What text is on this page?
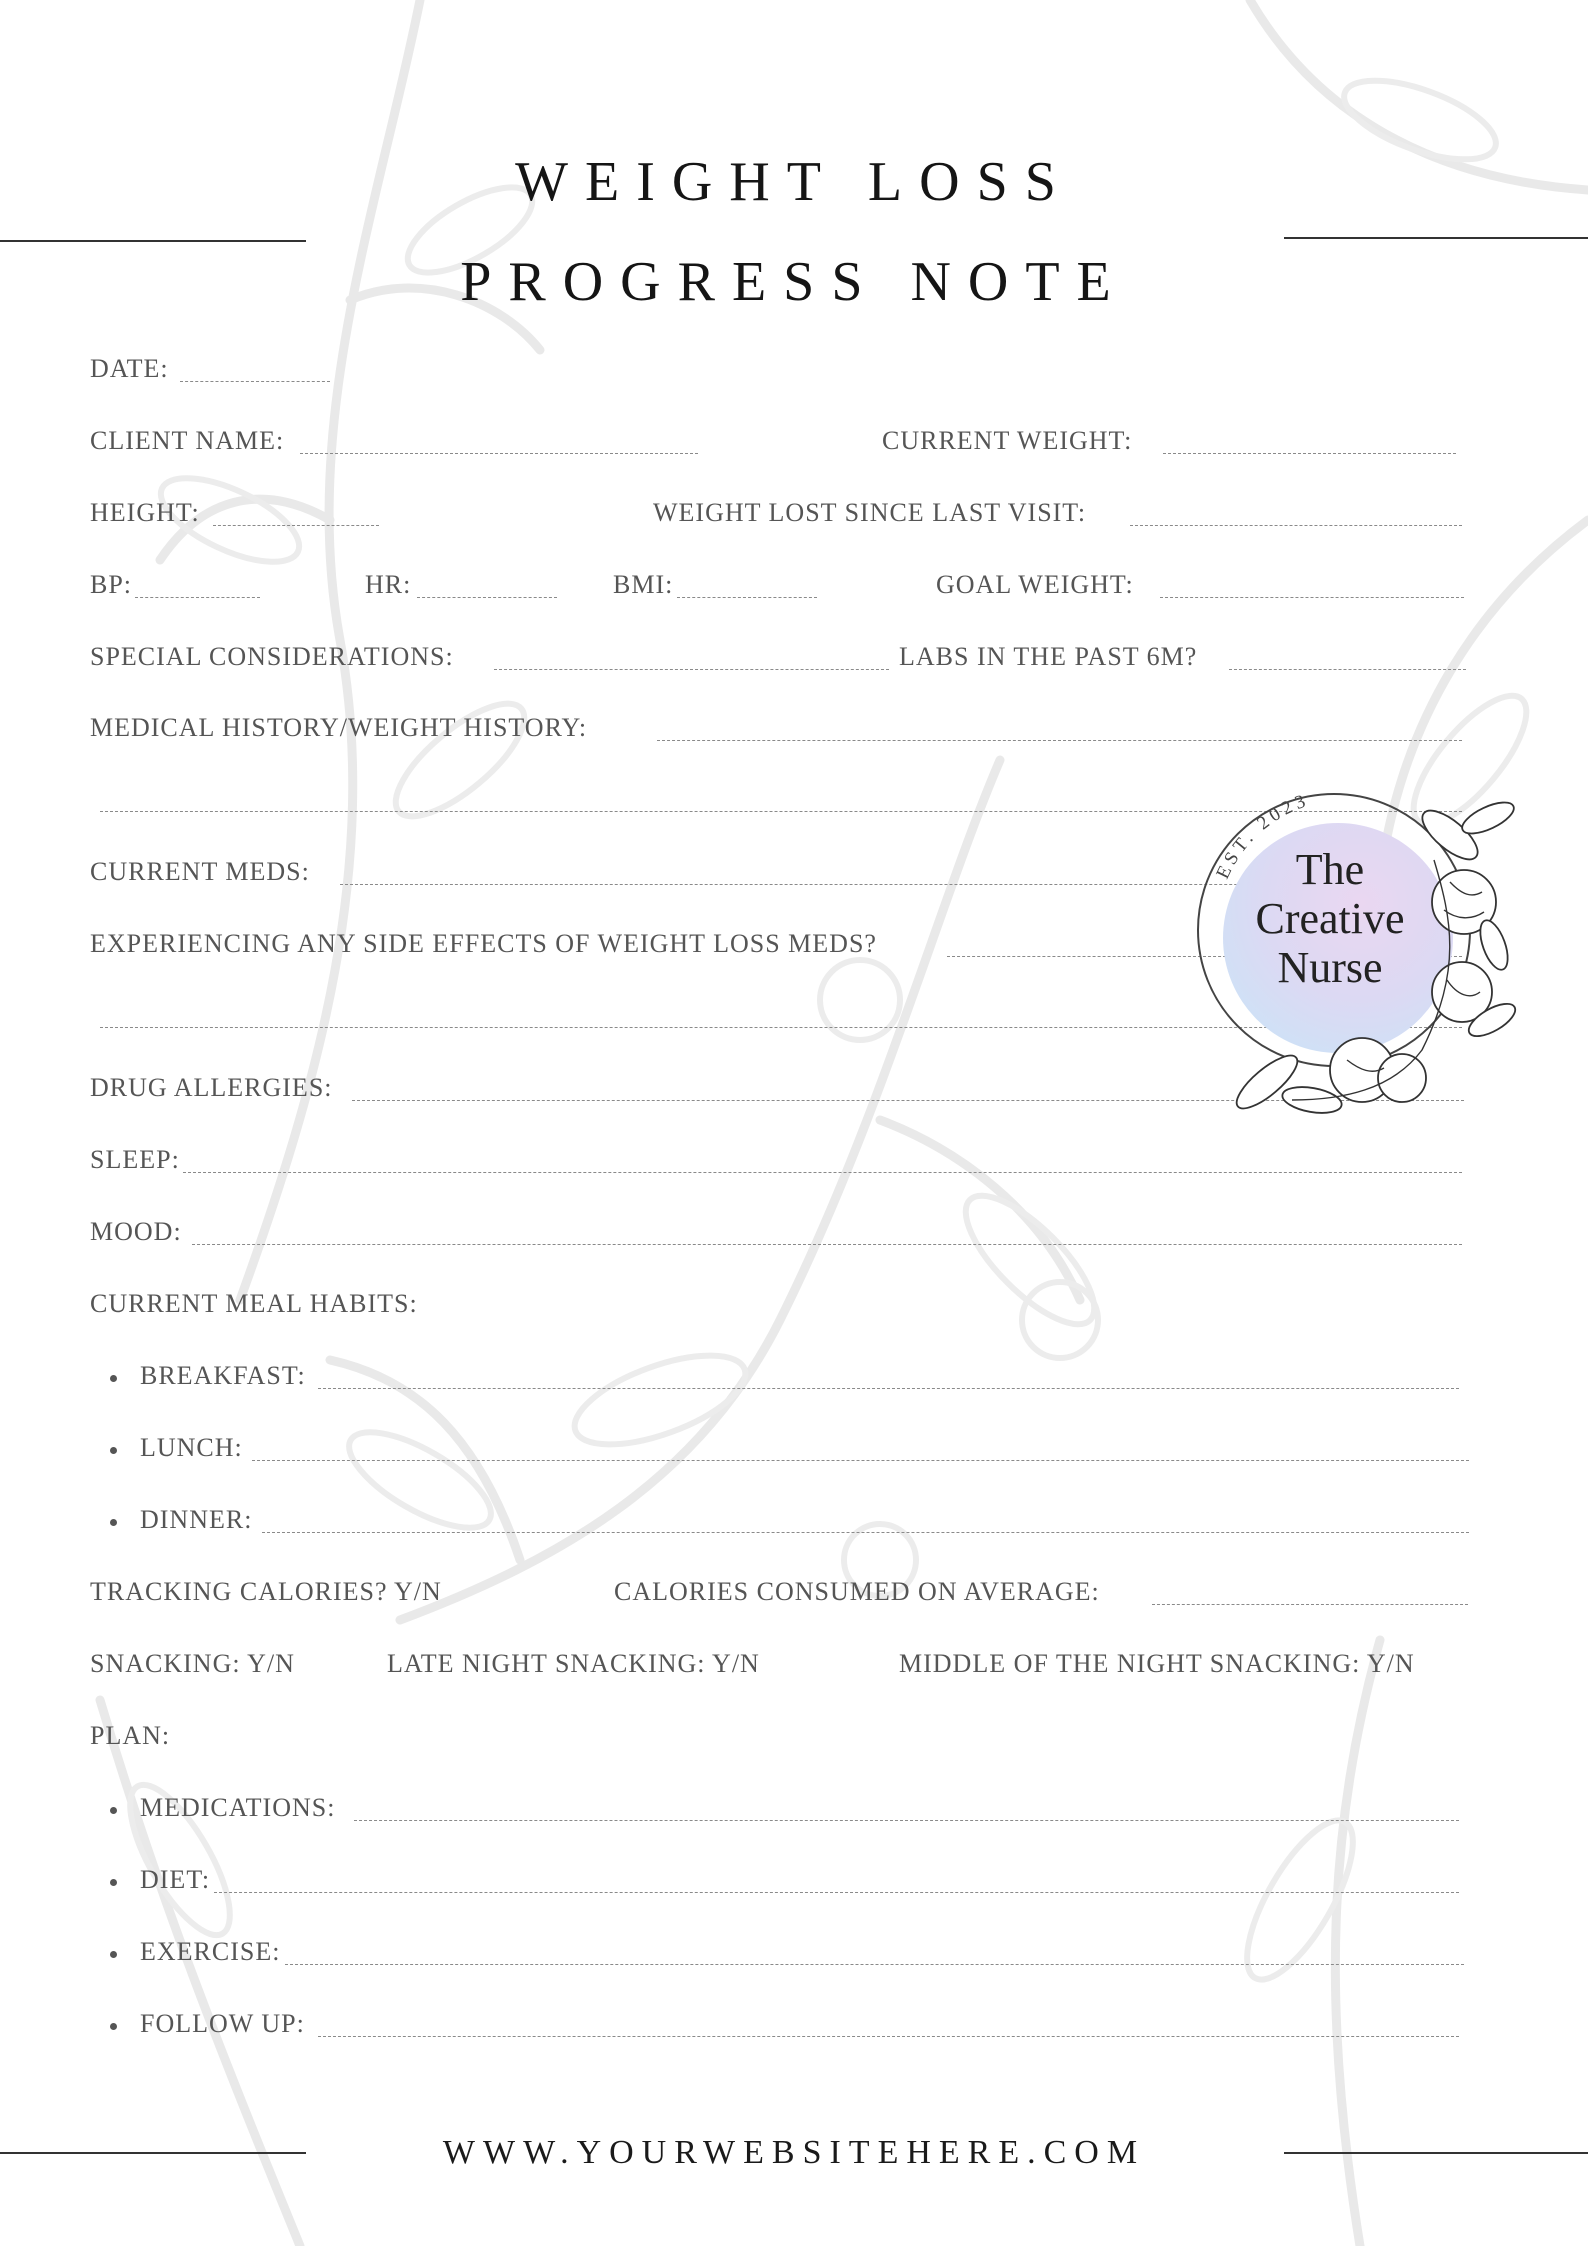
WEIGHT LOSS
PROGRESS NOTE
DATE:
CLIENT NAME:	CURRENT WEIGHT:
HEIGHT:	WEIGHT LOST SINCE LAST VISIT:
BP:	HR:	BMI:	GOAL WEIGHT:
SPECIAL CONSIDERATIONS:	LABS IN THE PAST 6M?
MEDICAL HISTORY/WEIGHT HISTORY:
CURRENT MEDS:
EXPERIENCING ANY SIDE EFFECTS OF WEIGHT LOSS MEDS?
DRUG ALLERGIES:
SLEEP:
MOOD:
CURRENT MEAL HABITS:
BREAKFAST:
LUNCH:
DINNER:
TRACKING CALORIES? Y/N	CALORIES CONSUMED ON AVERAGE:
SNACKING: Y/N	LATE NIGHT SNACKING: Y/N	MIDDLE OF THE NIGHT SNACKING: Y/N
PLAN:
MEDICATIONS:
DIET:
EXERCISE:
FOLLOW UP:
EST. 2023
The
Creative
Nurse
WWW.YOURWEBSITEHERE.COM
